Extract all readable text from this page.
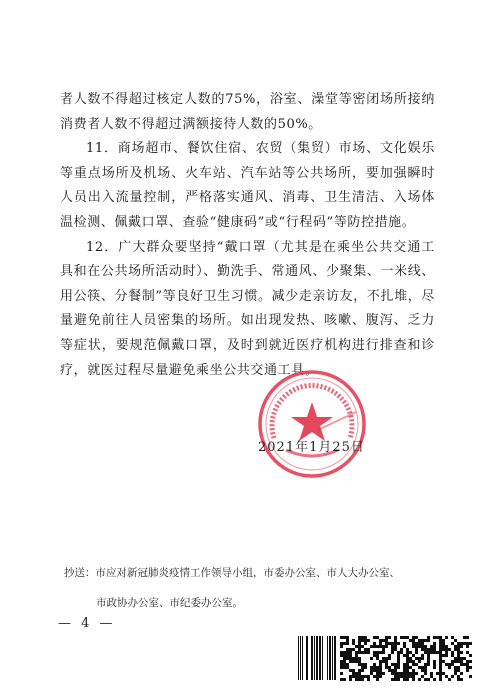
者人数不得超过核定人数的75%，浴室、澡堂等密闭场所接纳消费者人数不得超过满额接待人数的50%。

11．商场超市、餐饮住宿、农贸（集贸）市场、文化娱乐等重点场所及机场、火车站、汽车站等公共场所，要加强瞬时人员出入流量控制，严格落实通风、消毒、卫生清洁、入场体温检测、佩戴口罩、查验“健康码”或“行程码”等防控措施。

12．广大群众要坚持“戴口罩（尤其是在乘坐公共交通工具和在公共场所活动时）、勤洗手、常通风、少聚集、一米线、用公筷、分餐制”等良好卫生习惯。减少走亲访友，不扎堆，尽量避免前往人员密集的场所。如出现发热、咳嗽、腹泻、乏力等症状，要规范佩戴口罩，及时到就近医疗机构进行排查和诊疗，就医过程尽量避免乘坐公共交通工具。

2021年1月25日
抄送：市应对新冠肺炎疫情工作领导小组，市委办公室、市人大办公室、
市政协办公室、市纪委办公室。
— 4 —
